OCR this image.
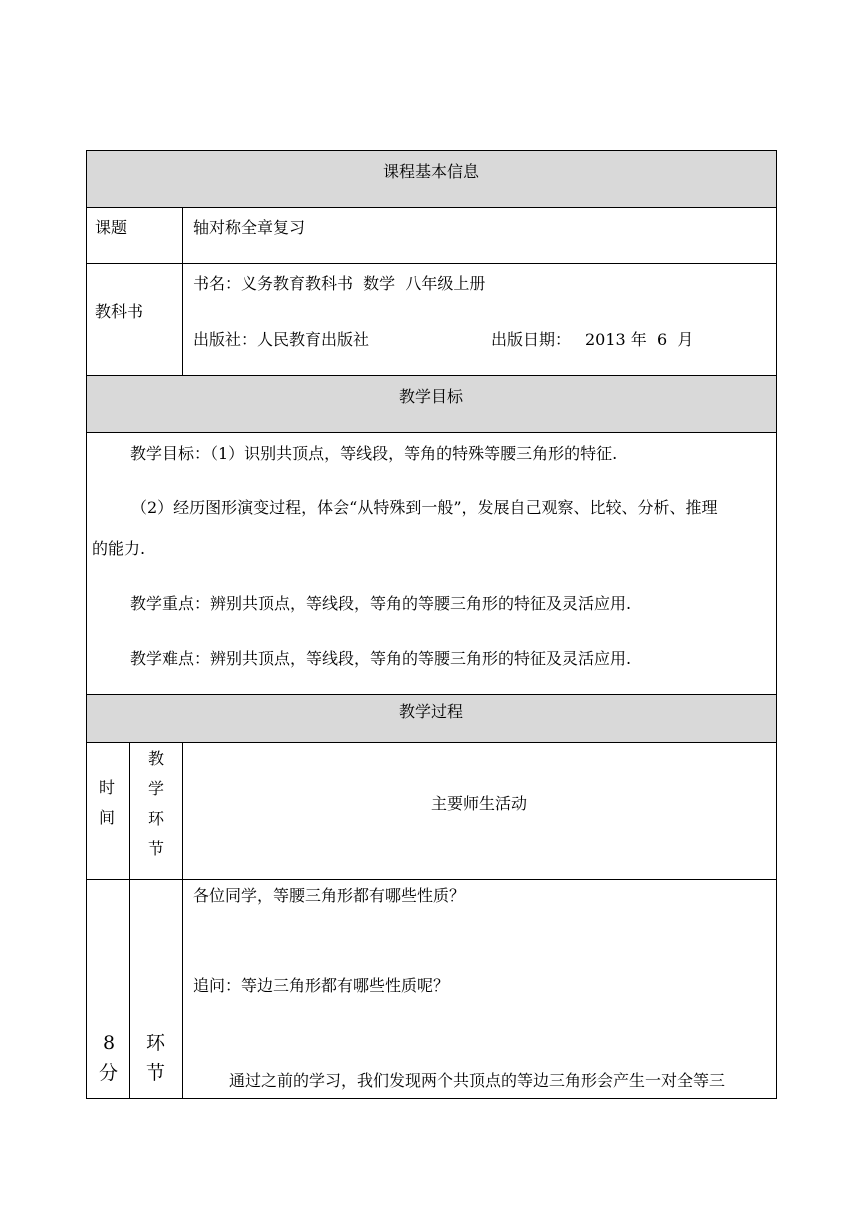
课程基本信息
课题	轴对称全章复习
教科书
书名：义务教育教科书  数学  八年级上册
出版社：人民教育出版社	出版日期： 2013 年  6  月
教学目标
教学目标：（1）识别共顶点，等线段，等角的特殊等腰三角形的特征.
（2）经历图形演变过程，体会“从特殊到一般”，发展自己观察、比较、分析、推理
的能力.
教学重点：辨别共顶点，等线段，等角的等腰三角形的特征及灵活应用.
教学难点：辨别共顶点，等线段，等角的等腰三角形的特征及灵活应用.
教学过程
时
间
教
学
环
节
主要师生活动
8
分
环
节
各位同学，等腰三角形都有哪些性质？
追问：等边三角形都有哪些性质呢？
通过之前的学习，我们发现两个共顶点的等边三角形会产生一对全等三
